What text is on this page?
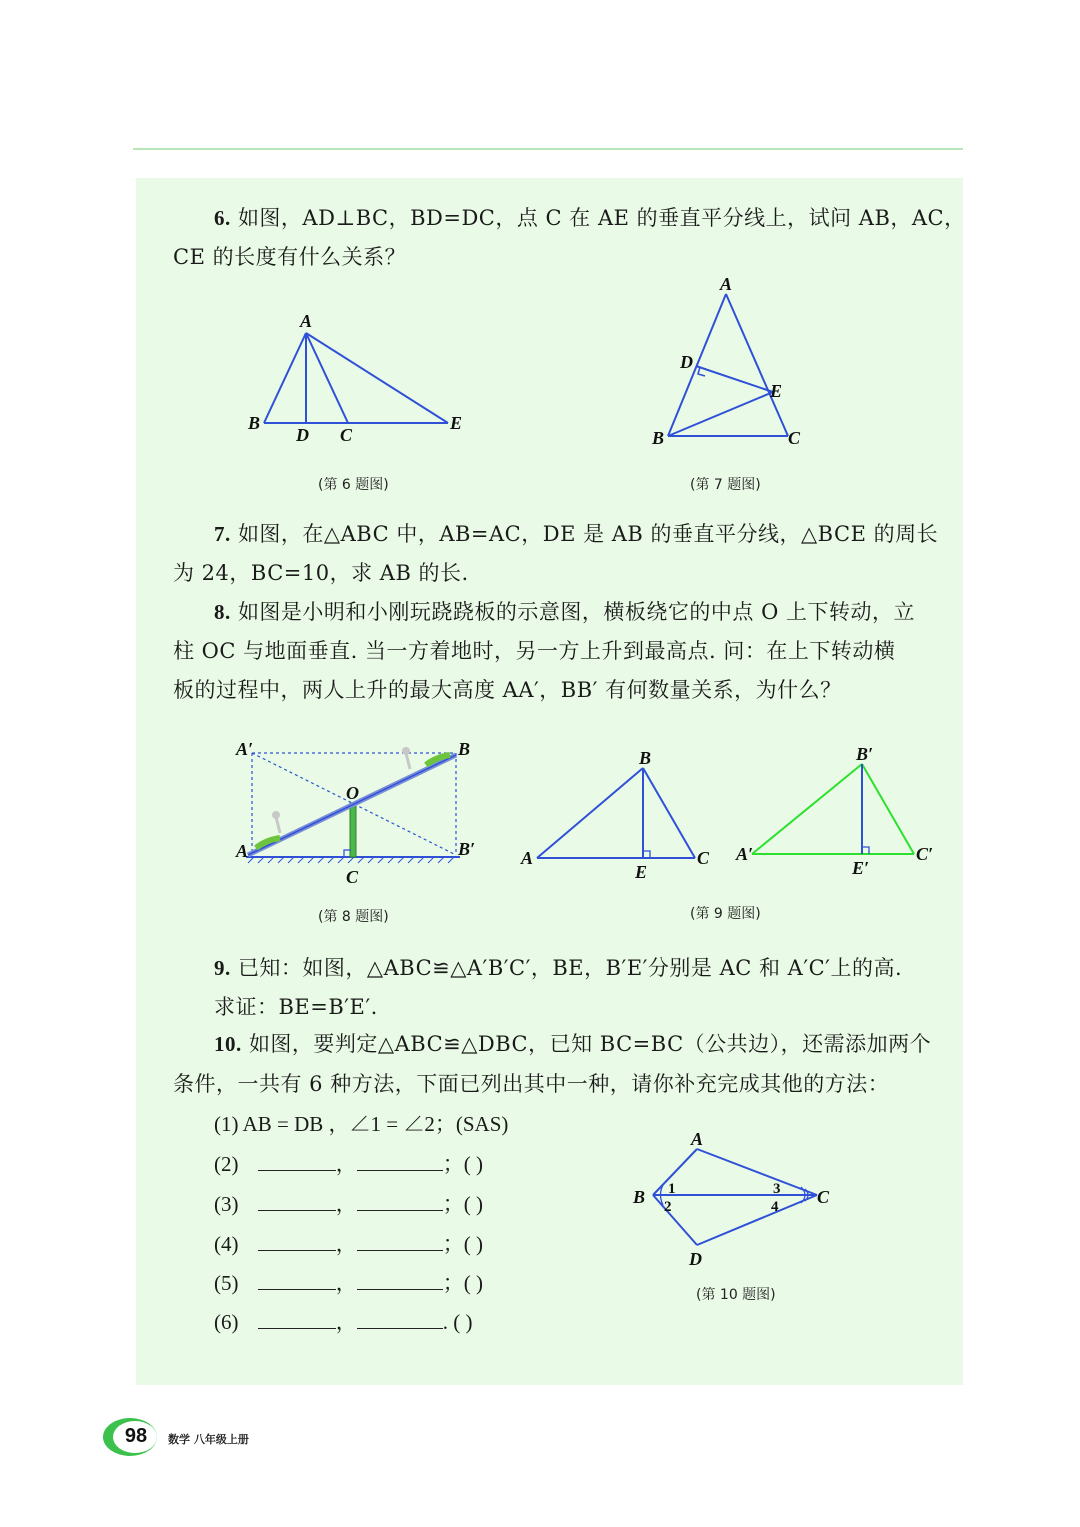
6. 如图，AD⊥BC，BD=DC，点 C 在 AE 的垂直平分线上，试问 AB，AC，
CE 的长度有什么关系？
A
B
D C
E
(第 6 题图)
A
D
E
B	C
(第 7 题图)
7. 如图，在△ABC 中，AB=AC，DE 是 AB 的垂直平分线，△BCE 的周长
为 24，BC=10，求 AB 的长.
8. 如图是小明和小刚玩跷跷板的示意图，横板绕它的中点 O 上下转动，立
柱 OC 与地面垂直. 当一方着地时，另一方上升到最高点. 问：在上下转动横
板的过程中，两人上升的最大高度 AA′，BB′ 有何数量关系，为什么？
A′	B
O
A	B′
C
(第 8 题图)
B
A
E
C
B′
A′
E′
C′
(第 9 题图)
9. 已知：如图，△ABC≌△A′B′C′，BE，B′E′分别是 AC 和 A′C′上的高.
求证：BE=B′E′.
10. 如图，要判定△ABC≌△DBC，已知 BC=BC（公共边），还需添加两个
条件，一共有 6 种方法，下面已列出其中一种，请你补充完成其他的方法：
(1) AB = DB ，∠1 = ∠2；(SAS)
(2)	，	；( )
(3)	，	；( )
(4)	，	；( )
(5)	，	；( )
(6)	，	. ( )
A
B	C
D
1
2
3
4
(第 10 题图)
98	数学 八年级上册
